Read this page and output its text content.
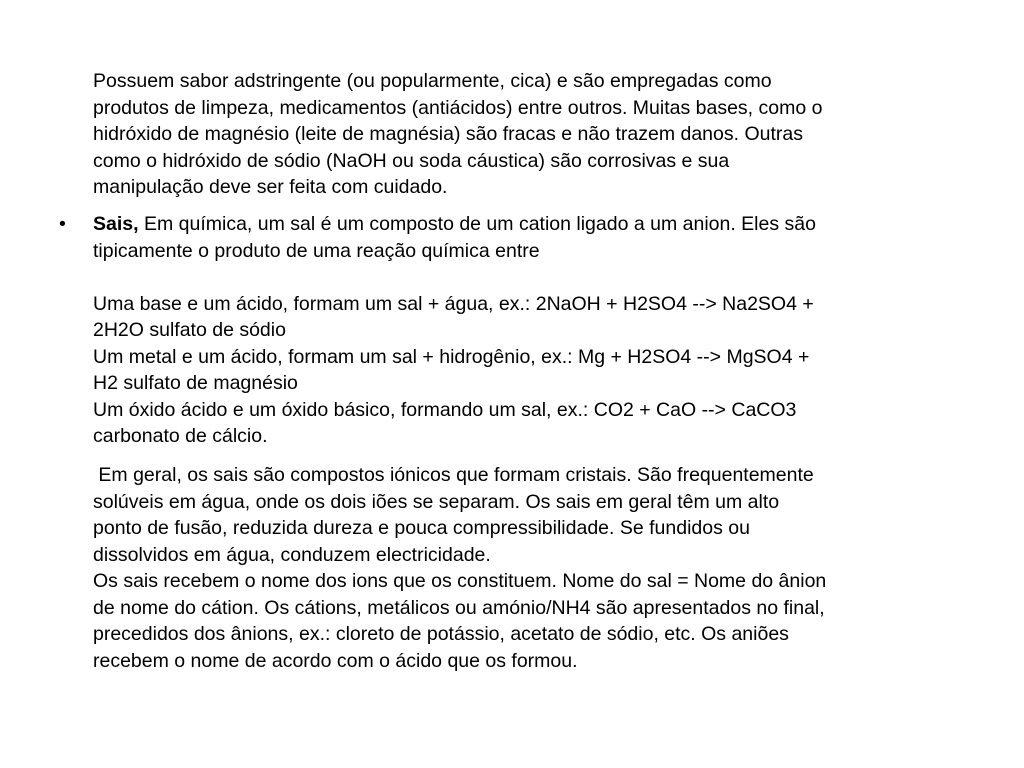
Possuem sabor adstringente (ou popularmente, cica) e são empregadas como
produtos de limpeza, medicamentos (antiácidos) entre outros. Muitas bases, como o
hidróxido de magnésio (leite de magnésia) são fracas e não trazem danos. Outras
como o hidróxido de sódio (NaOH ou soda cáustica) são corrosivas e sua
manipulação deve ser feita com cuidado.
• Sais, Em química, um sal é um composto de um cation ligado a um anion. Eles são
tipicamente o produto de uma reação química entre
Uma base e um ácido, formam um sal + água, ex.: 2NaOH + H2SO4 --> Na2SO4 +
2H2O sulfato de sódio
Um metal e um ácido, formam um sal + hidrogênio, ex.: Mg + H2SO4 --> MgSO4 +
H2 sulfato de magnésio
Um óxido ácido e um óxido básico, formando um sal, ex.: CO2 + CaO --> CaCO3
carbonato de cálcio.
Em geral, os sais são compostos iónicos que formam cristais. São frequentemente
solúveis em água, onde os dois iões se separam. Os sais em geral têm um alto
ponto de fusão, reduzida dureza e pouca compressibilidade. Se fundidos ou
dissolvidos em água, conduzem electricidade.
Os sais recebem o nome dos ions que os constituem. Nome do sal = Nome do ânion
de nome do cátion. Os cátions, metálicos ou amónio/NH4 são apresentados no final,
precedidos dos ânions, ex.: cloreto de potássio, acetato de sódio, etc. Os aniões
recebem o nome de acordo com o ácido que os formou.
